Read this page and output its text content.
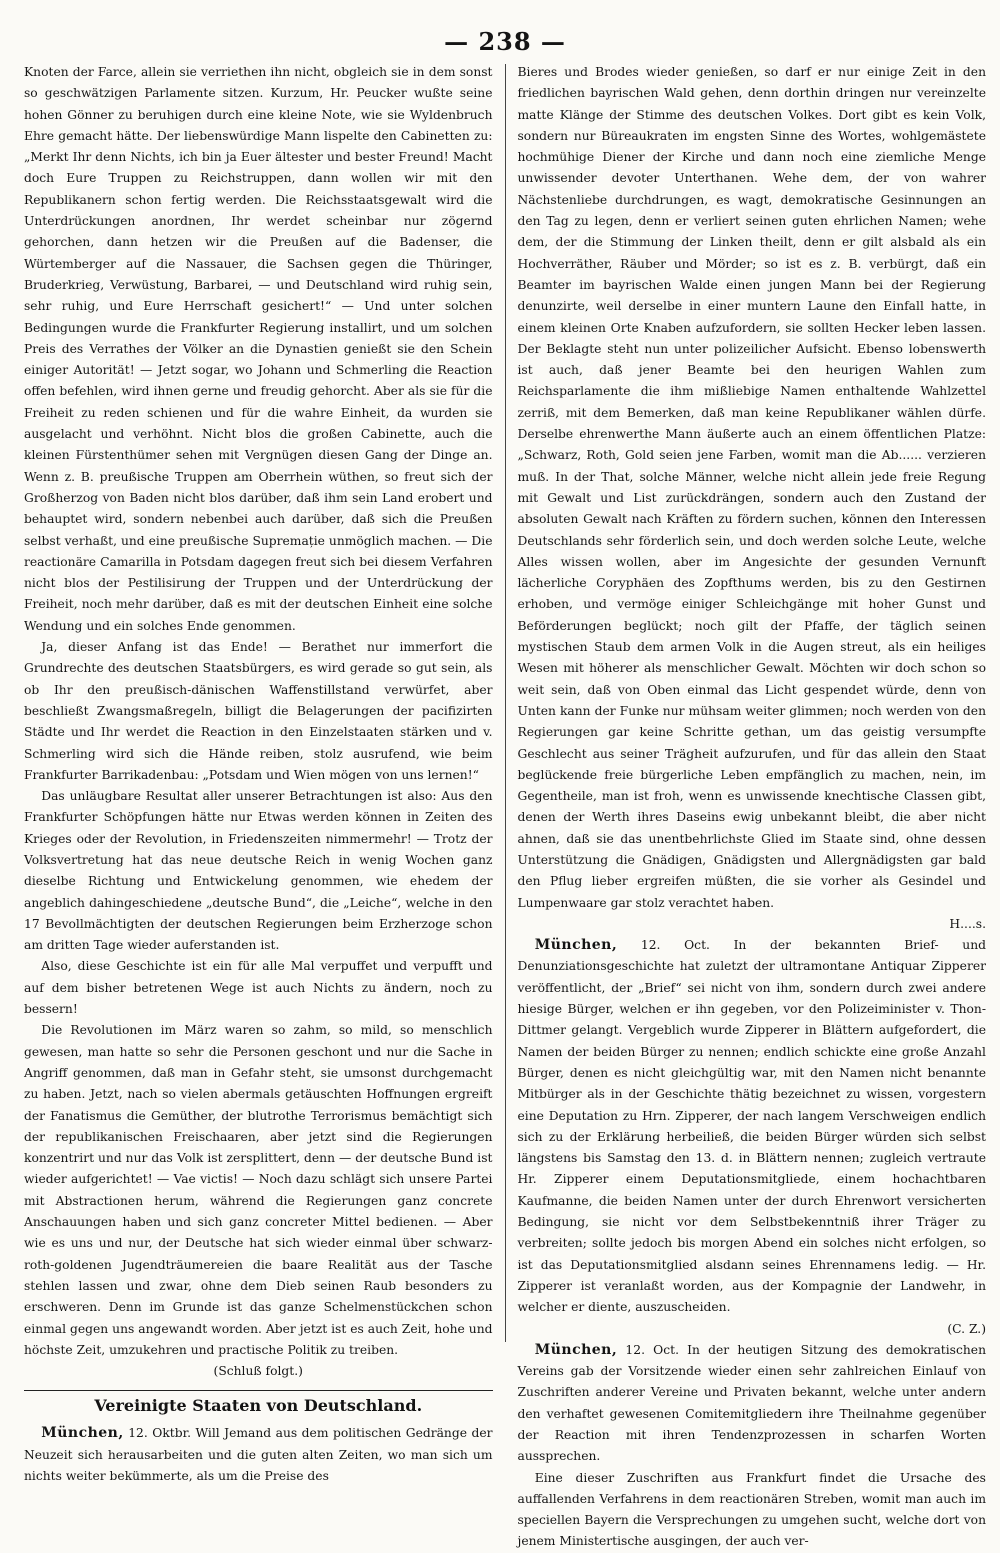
— 238 —

Knoten der Farce, allein sie verriethen ihn nicht, obgleich sie in dem sonst so geschwätzigen Parlamente sitzen. Kurzum, Hr. Peucker wußte seine hohen Gönner zu beruhigen durch eine kleine Note, wie sie Wyldenbruch Ehre gemacht hätte. Der liebenswürdige Mann lispelte den Cabinetten zu: „Merkt Ihr denn Nichts, ich bin ja Euer ältester und bester Freund! Macht doch Eure Truppen zu Reichstruppen, dann wollen wir mit den Republikanern schon fertig werden. Die Reichsstaatsgewalt wird die Unterdrückungen anordnen, Ihr werdet scheinbar nur zögernd gehorchen, dann hetzen wir die Preußen auf die Badenser, die Würtemberger auf die Nassauer, die Sachsen gegen die Thüringer, Bruderkrieg, Verwüstung, Barbarei, — und Deutschland wird ruhig sein, sehr ruhig, und Eure Herrschaft gesichert!“ — Und unter solchen Bedingungen wurde die Frankfurter Regierung installirt, und um solchen Preis des Verrathes der Völker an die Dynastien genießt sie den Schein einiger Autorität! — Jetzt sogar, wo Johann und Schmerling die Reaction offen befehlen, wird ihnen gerne und freudig gehorcht. Aber als sie für die Freiheit zu reden schienen und für die wahre Einheit, da wurden sie ausgelacht und verhöhnt. Nicht blos die großen Cabinette, auch die kleinen Fürstenthümer sehen mit Vergnügen diesen Gang der Dinge an. Wenn z. B. preußische Truppen am Oberrhein wüthen, so freut sich der Großherzog von Baden nicht blos darüber, daß ihm sein Land erobert und behauptet wird, sondern nebenbei auch darüber, daß sich die Preußen selbst verhaßt, und eine preußische Supremație unmöglich machen. — Die reactionäre Camarilla in Potsdam dagegen freut sich bei diesem Verfahren nicht blos der Pestilisirung der Truppen und der Unterdrückung der Freiheit, noch mehr darüber, daß es mit der deutschen Einheit eine solche Wendung und ein solches Ende genommen.

Ja, dieser Anfang ist das Ende! — Berathet nur immerfort die Grundrechte des deutschen Staatsbürgers, es wird gerade so gut sein, als ob Ihr den preußisch-dänischen Waffenstillstand verwürfet, aber beschließt Zwangsmaßregeln, billigt die Belagerungen der pacifizirten Städte und Ihr werdet die Reaction in den Einzelstaaten stärken und v. Schmerling wird sich die Hände reiben, stolz ausrufend, wie beim Frankfurter Barrikadenbau: „Potsdam und Wien mögen von uns lernen!“

Das unläugbare Resultat aller unserer Betrachtungen ist also: Aus den Frankfurter Schöpfungen hätte nur Etwas werden können in Zeiten des Krieges oder der Revolution, in Friedenszeiten nimmermehr! — Trotz der Volksvertretung hat das neue deutsche Reich in wenig Wochen ganz dieselbe Richtung und Entwickelung genommen, wie ehedem der angeblich dahingeschiedene „deutsche Bund“, die „Leiche“, welche in den 17 Bevollmächtigten der deutschen Regierungen beim Erzherzoge schon am dritten Tage wieder auferstanden ist.

Also, diese Geschichte ist ein für alle Mal verpuffet und verpufft und auf dem bisher betretenen Wege ist auch Nichts zu ändern, noch zu bessern!

Die Revolutionen im März waren so zahm, so mild, so menschlich gewesen, man hatte so sehr die Personen geschont und nur die Sache in Angriff genommen, daß man in Gefahr steht, sie umsonst durchgemacht zu haben. Jetzt, nach so vielen abermals getäuschten Hoffnungen ergreift der Fanatismus die Gemüther, der blutrothe Terrorismus bemächtigt sich der republikanischen Freischaaren, aber jetzt sind die Regierungen konzentrirt und nur das Volk ist zersplittert, denn — der deutsche Bund ist wieder aufgerichtet! — Vae victis! — Noch dazu schlägt sich unsere Partei mit Abstractionen herum, während die Regierungen ganz concrete Anschauungen haben und sich ganz concreter Mittel bedienen. — Aber wie es uns und nur, der Deutsche hat sich wieder einmal über schwarz-roth-goldenen Jugendträumereien die baare Realität aus der Tasche stehlen lassen und zwar, ohne dem Dieb seinen Raub besonders zu erschweren. Denn im Grunde ist das ganze Schelmenstückchen schon einmal gegen uns angewandt worden. Aber jetzt ist es auch Zeit, hohe und höchste Zeit, umzukehren und practische Politik zu treiben.

(Schluß folgt.)
Vereinigte Staaten von Deutschland.

München, 12. Oktbr. Will Jemand aus dem politischen Gedränge der Neuzeit sich herausarbeiten und die guten alten Zeiten, wo man sich um nichts weiter bekümmerte, als um die Preise des

Bieres und Brodes wieder genießen, so darf er nur einige Zeit in den friedlichen bayrischen Wald gehen, denn dorthin dringen nur vereinzelte matte Klänge der Stimme des deutschen Volkes. Dort gibt es kein Volk, sondern nur Büreaukraten im engsten Sinne des Wortes, wohlgemästete hochmühige Diener der Kirche und dann noch eine ziemliche Menge unwissender devoter Unterthanen. Wehe dem, der von wahrer Nächstenliebe durchdrungen, es wagt, demokratische Gesinnungen an den Tag zu legen, denn er verliert seinen guten ehrlichen Namen; wehe dem, der die Stimmung der Linken theilt, denn er gilt alsbald als ein Hochverräther, Räuber und Mörder; so ist es z. B. verbürgt, daß ein Beamter im bayrischen Walde einen jungen Mann bei der Regierung denunzirte, weil derselbe in einer muntern Laune den Einfall hatte, in einem kleinen Orte Knaben aufzufordern, sie sollten Hecker leben lassen. Der Beklagte steht nun unter polizeilicher Aufsicht. Ebenso lobenswerth ist auch, daß jener Beamte bei den heurigen Wahlen zum Reichsparlamente die ihm mißliebige Namen enthaltende Wahlzettel zerriß, mit dem Bemerken, daß man keine Republikaner wählen dürfe. Derselbe ehrenwerthe Mann äußerte auch an einem öffentlichen Platze: „Schwarz, Roth, Gold seien jene Farben, womit man die Ab...... verzieren muß. In der That, solche Männer, welche nicht allein jede freie Regung mit Gewalt und List zurückdrängen, sondern auch den Zustand der absoluten Gewalt nach Kräften zu fördern suchen, können den Interessen Deutschlands sehr förderlich sein, und doch werden solche Leute, welche Alles wissen wollen, aber im Angesichte der gesunden Vernunft lächerliche Coryphäen des Zopfthums werden, bis zu den Gestirnen erhoben, und vermöge einiger Schleichgänge mit hoher Gunst und Beförderungen beglückt; noch gilt der Pfaffe, der täglich seinen mystischen Staub dem armen Volk in die Augen streut, als ein heiliges Wesen mit höherer als menschlicher Gewalt. Möchten wir doch schon so weit sein, daß von Oben einmal das Licht gespendet würde, denn von Unten kann der Funke nur mühsam weiter glimmen; noch werden von den Regierungen gar keine Schritte gethan, um das geistig versumpfte Geschlecht aus seiner Trägheit aufzurufen, und für das allein den Staat beglückende freie bürgerliche Leben empfänglich zu machen, nein, im Gegentheile, man ist froh, wenn es unwissende knechtische Classen gibt, denen der Werth ihres Daseins ewig unbekannt bleibt, die aber nicht ahnen, daß sie das unentbehrlichste Glied im Staate sind, ohne dessen Unterstützung die Gnädigen, Gnädigsten und Allergnädigsten gar bald den Pflug lieber ergreifen müßten, die sie vorher als Gesindel und Lumpenwaare gar stolz verachtet haben.

H....s.

München, 12. Oct. In der bekannten Brief- und Denunziationsgeschichte hat zuletzt der ultramontane Antiquar Zipperer veröffentlicht, der „Brief“ sei nicht von ihm, sondern durch zwei andere hiesige Bürger, welchen er ihn gegeben, vor den Polizeiminister v. Thon-Dittmer gelangt. Vergeblich wurde Zipperer in Blättern aufgefordert, die Namen der beiden Bürger zu nennen; endlich schickte eine große Anzahl Bürger, denen es nicht gleichgültig war, mit den Namen nicht benannte Mitbürger als in der Geschichte thätig bezeichnet zu wissen, vorgestern eine Deputation zu Hrn. Zipperer, der nach langem Verschweigen endlich sich zu der Erklärung herbeiließ, die beiden Bürger würden sich selbst längstens bis Samstag den 13. d. in Blättern nennen; zugleich vertraute Hr. Zipperer einem Deputationsmitgliede, einem hochachtbaren Kaufmanne, die beiden Namen unter der durch Ehrenwort versicherten Bedingung, sie nicht vor dem Selbstbekenntniß ihrer Träger zu verbreiten; sollte jedoch bis morgen Abend ein solches nicht erfolgen, so ist das Deputationsmitglied alsdann seines Ehrennamens ledig. — Hr. Zipperer ist veranlaßt worden, aus der Kompagnie der Landwehr, in welcher er diente, auszuscheiden.

(C. Z.)

München, 12. Oct. In der heutigen Sitzung des demokratischen Vereins gab der Vorsitzende wieder einen sehr zahlreichen Einlauf von Zuschriften anderer Vereine und Privaten bekannt, welche unter andern den verhaftet gewesenen Comitemitgliedern ihre Theilnahme gegenüber der Reaction mit ihren Tendenzprozessen in scharfen Worten aussprechen.

Eine dieser Zuschriften aus Frankfurt findet die Ursache des auffallenden Verfahrens in dem reactionären Streben, womit man auch im speciellen Bayern die Versprechungen zu umgehen sucht, welche dort von jenem Ministertische ausgingen, der auch ver-
